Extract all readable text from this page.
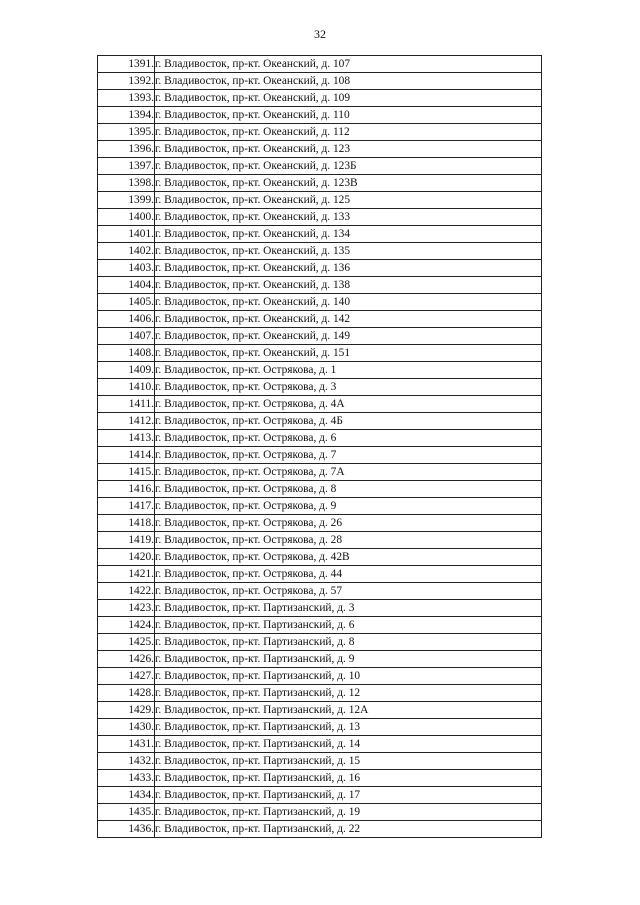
32
1391.	г. Владивосток, пр-кт. Океанский, д. 107
1392.	г. Владивосток, пр-кт. Океанский, д. 108
1393.	г. Владивосток, пр-кт. Океанский, д. 109
1394.	г. Владивосток, пр-кт. Океанский, д. 110
1395.	г. Владивосток, пр-кт. Океанский, д. 112
1396.	г. Владивосток, пр-кт. Океанский, д. 123
1397.	г. Владивосток, пр-кт. Океанский, д. 123Б
1398.	г. Владивосток, пр-кт. Океанский, д. 123В
1399.	г. Владивосток, пр-кт. Океанский, д. 125
1400.	г. Владивосток, пр-кт. Океанский, д. 133
1401.	г. Владивосток, пр-кт. Океанский, д. 134
1402.	г. Владивосток, пр-кт. Океанский, д. 135
1403.	г. Владивосток, пр-кт. Океанский, д. 136
1404.	г. Владивосток, пр-кт. Океанский, д. 138
1405.	г. Владивосток, пр-кт. Океанский, д. 140
1406.	г. Владивосток, пр-кт. Океанский, д. 142
1407.	г. Владивосток, пр-кт. Океанский, д. 149
1408.	г. Владивосток, пр-кт. Океанский, д. 151
1409.	г. Владивосток, пр-кт. Острякова, д. 1
1410.	г. Владивосток, пр-кт. Острякова, д. 3
1411.	г. Владивосток, пр-кт. Острякова, д. 4А
1412.	г. Владивосток, пр-кт. Острякова, д. 4Б
1413.	г. Владивосток, пр-кт. Острякова, д. 6
1414.	г. Владивосток, пр-кт. Острякова, д. 7
1415.	г. Владивосток, пр-кт. Острякова, д. 7А
1416.	г. Владивосток, пр-кт. Острякова, д. 8
1417.	г. Владивосток, пр-кт. Острякова, д. 9
1418.	г. Владивосток, пр-кт. Острякова, д. 26
1419.	г. Владивосток, пр-кт. Острякова, д. 28
1420.	г. Владивосток, пр-кт. Острякова, д. 42В
1421.	г. Владивосток, пр-кт. Острякова, д. 44
1422.	г. Владивосток, пр-кт. Острякова, д. 57
1423.	г. Владивосток, пр-кт. Партизанский, д. 3
1424.	г. Владивосток, пр-кт. Партизанский, д. 6
1425.	г. Владивосток, пр-кт. Партизанский, д. 8
1426.	г. Владивосток, пр-кт. Партизанский, д. 9
1427.	г. Владивосток, пр-кт. Партизанский, д. 10
1428.	г. Владивосток, пр-кт. Партизанский, д. 12
1429.	г. Владивосток, пр-кт. Партизанский, д. 12А
1430.	г. Владивосток, пр-кт. Партизанский, д. 13
1431.	г. Владивосток, пр-кт. Партизанский, д. 14
1432.	г. Владивосток, пр-кт. Партизанский, д. 15
1433.	г. Владивосток, пр-кт. Партизанский, д. 16
1434.	г. Владивосток, пр-кт. Партизанский, д. 17
1435.	г. Владивосток, пр-кт. Партизанский, д. 19
1436.	г. Владивосток, пр-кт. Партизанский, д. 22
